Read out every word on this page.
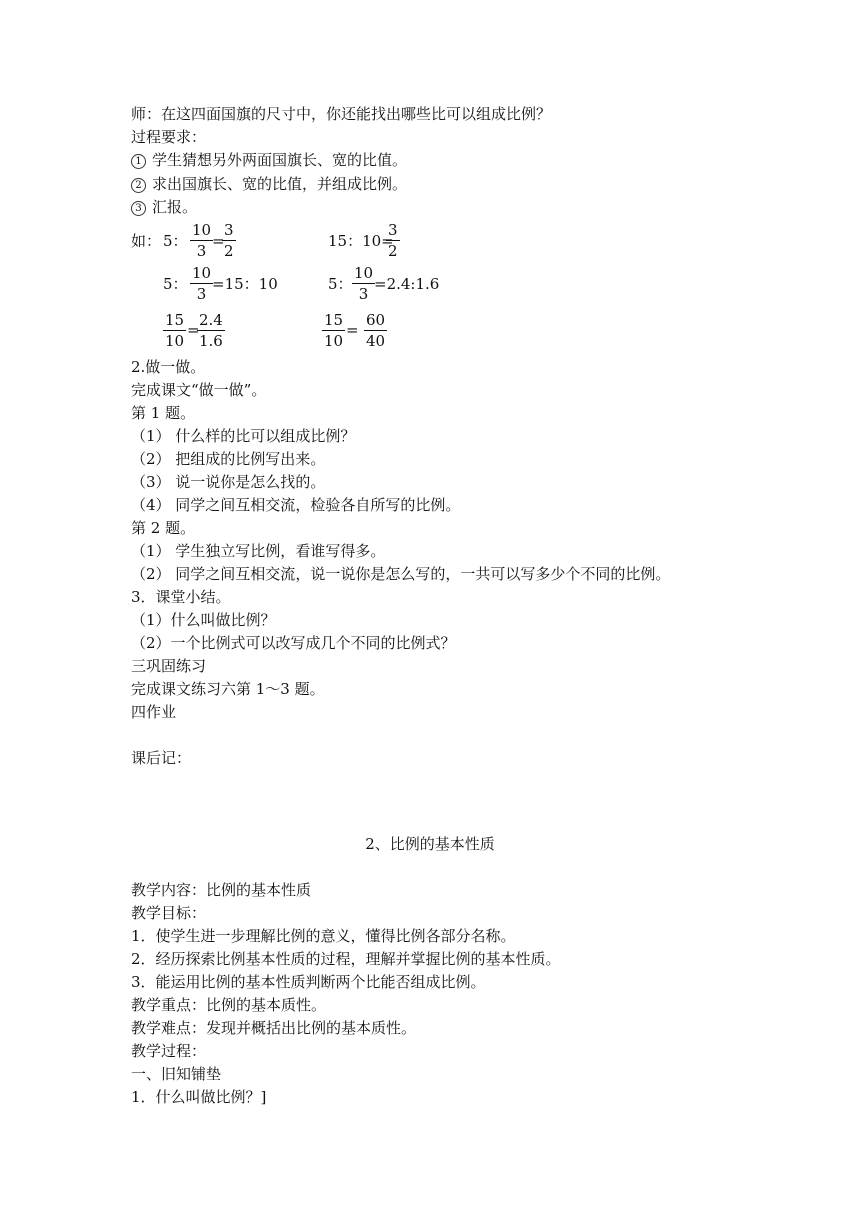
师：在这四面国旗的尺寸中，你还能找出哪些比可以组成比例？
过程要求：
1 学生猜想另外两面国旗长、宽的比值。
2 求出国旗长、宽的比值，并组成比例。
3 汇报。
如： 5： $\frac{10}{3}$
=
$\frac{3}{2}$	15：10=
$\frac{3}{2}$
5： $\frac{10}{3}$
=15：10	5： $\frac{10}{3}$
=2.4:1.6
$\frac{15}{10}$ =
$\frac{2.4}{1.6}$	$\frac{15}{10} = \frac{60}{40}$
2.做一做。
完成课文“做一做”。
第 1 题。
（1） 什么样的比可以组成比例？
（2） 把组成的比例写出来。
（3） 说一说你是怎么找的。
（4） 同学之间互相交流，检验各自所写的比例。
第 2 题。
（1） 学生独立写比例，看谁写得多。
（2） 同学之间互相交流，说一说你是怎么写的，一共可以写多少个不同的比例。
3．课堂小结。
（1）什么叫做比例？
（2）一个比例式可以改写成几个不同的比例式？
三巩固练习
完成课文练习六第 1～3 题。
四作业
课后记：
2、比例的基本性质
教学内容：比例的基本性质
教学目标：
1．使学生进一步理解比例的意义，懂得比例各部分名称。
2．经历探索比例基本性质的过程，理解并掌握比例的基本性质。
3．能运用比例的基本性质判断两个比能否组成比例。
教学重点：比例的基本质性。
教学难点：发现并概括出比例的基本质性。
教学过程：
一、旧知铺垫
1．什么叫做比例？]
